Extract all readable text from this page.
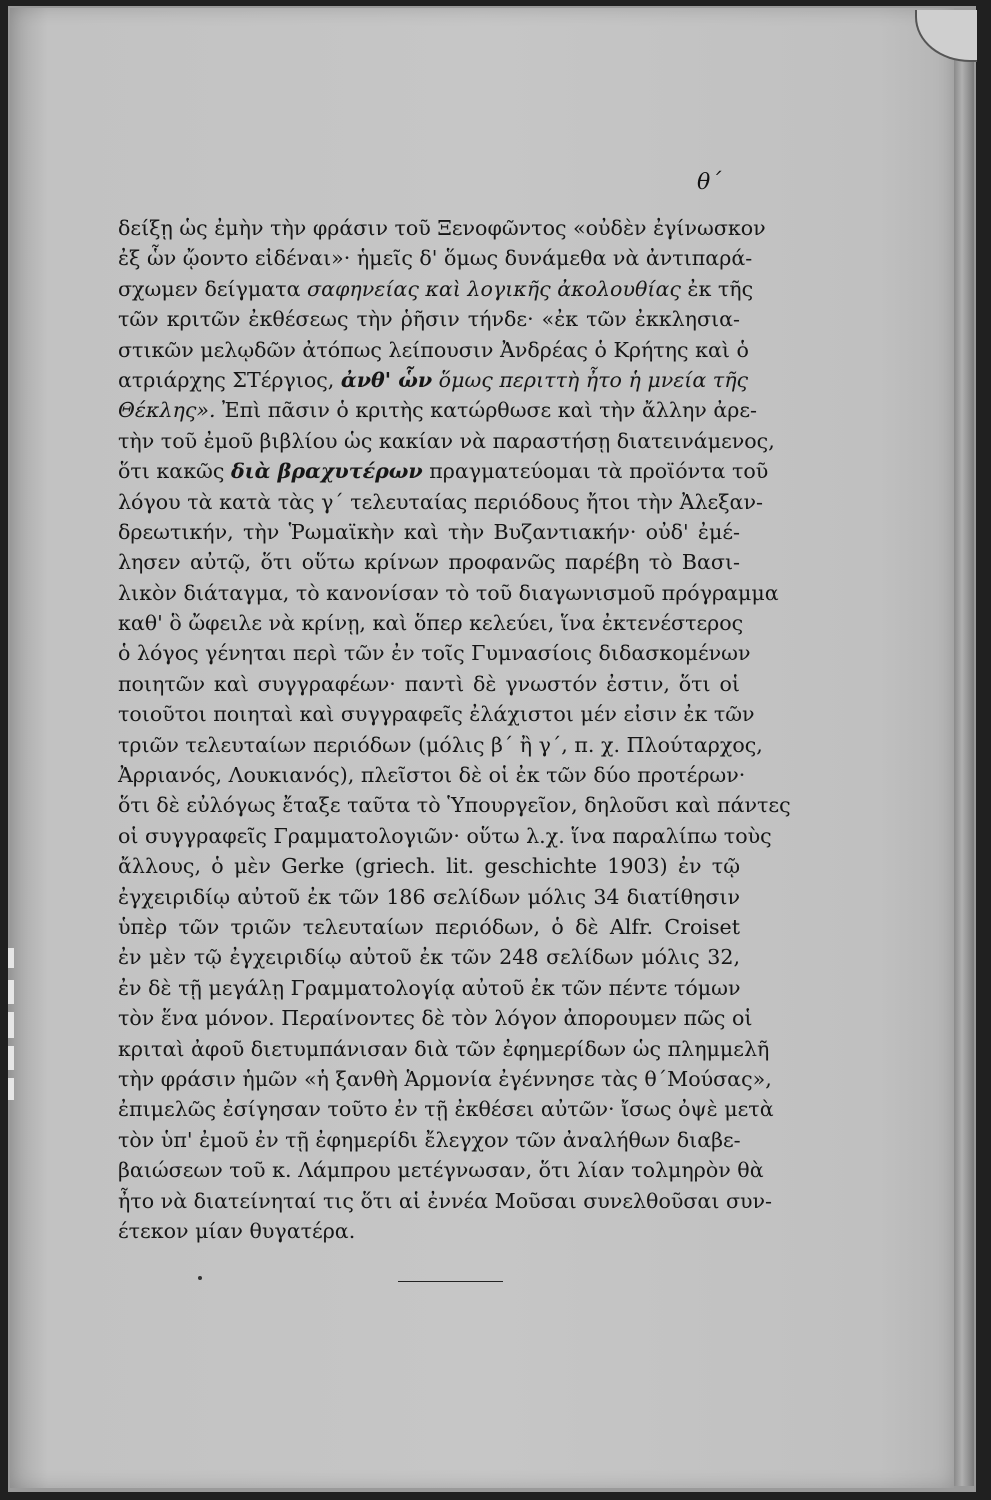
θ΄
δείξῃ ὡς ἐμὴν τὴν φράσιν τοῦ Ξενοφῶντος «οὐδὲν ἐγίνωσκον
ἐξ ὧν ᾤοντο εἰδέναι»· ἡμεῖς δ' ὅμως δυνάμεθα νὰ ἀντιπαρά-
σχωμεν δείγματα σαφηνείας καὶ λογικῆς ἀκολουθίας ἐκ τῆς
τῶν κριτῶν ἐκθέσεως τὴν ῥῆσιν τήνδε· «ἐκ τῶν ἐκκλησια-
στικῶν μελῳδῶν ἀτόπως λείπουσιν Ἀνδρέας ὁ Κρήτης καὶ ὁ
ατριάρχης ΣΤέργιος, ἀνθ' ὧν ὅμως περιττὴ ἦτο ἡ μνεία τῆς
Θέκλης». Ἐπὶ πᾶσιν ὁ κριτὴς κατώρθωσε καὶ τὴν ἄλλην ἀρε-
τὴν τοῦ ἐμοῦ βιβλίου ὡς κακίαν νὰ παραστήσῃ διατεινάμενος,
ὅτι κακῶς διὰ βραχυτέρων πραγματεύομαι τὰ προϊόντα τοῦ
λόγου τὰ κατὰ τὰς γ΄ τελευταίας περιόδους ἤτοι τὴν Ἀλεξαν-
δρεωτικήν, τὴν Ῥωμαϊκὴν καὶ τὴν Βυζαντιακήν· οὐδ' ἐμέ-
λησεν αὐτῷ, ὅτι οὕτω κρίνων προφανῶς παρέβη τὸ Βασι-
λικὸν διάταγμα, τὸ κανονίσαν τὸ τοῦ διαγωνισμοῦ πρόγραμμα
καθ' ὃ ὤφειλε νὰ κρίνῃ, καὶ ὅπερ κελεύει, ἵνα ἐκτενέστερος
ὁ λόγος γένηται περὶ τῶν ἐν τοῖς Γυμνασίοις διδασκομένων
ποιητῶν καὶ συγγραφέων· παντὶ δὲ γνωστόν ἐστιν, ὅτι οἱ
τοιοῦτοι ποιηταὶ καὶ συγγραφεῖς ἐλάχιστοι μέν εἰσιν ἐκ τῶν
τριῶν τελευταίων περιόδων (μόλις β΄ ἢ γ΄, π. χ. Πλούταρχος,
Ἀρριανός, Λουκιανός), πλεῖστοι δὲ οἱ ἐκ τῶν δύο προτέρων·
ὅτι δὲ εὐλόγως ἔταξε ταῦτα τὸ Ὑπουργεῖον, δηλοῦσι καὶ πάντες
οἱ συγγραφεῖς Γραμματολογιῶν· οὕτω λ.χ. ἵνα παραλίπω τοὺς
ἄλλους, ὁ μὲν Gerke (griech. lit. geschichte 1903) ἐν τῷ
ἐγχειριδίῳ αὐτοῦ ἐκ τῶν 186 σελίδων μόλις 34 διατίθησιν
ὑπὲρ τῶν τριῶν τελευταίων περιόδων, ὁ δὲ Alfr. Croiset
ἐν μὲν τῷ ἐγχειριδίῳ αὐτοῦ ἐκ τῶν 248 σελίδων μόλις 32,
ἐν δὲ τῇ μεγάλῃ Γραμματολογίᾳ αὐτοῦ ἐκ τῶν πέντε τόμων
τὸν ἕνα μόνον. Περαίνοντες δὲ τὸν λόγον ἀπορουμεν πῶς οἱ
κριταὶ ἀφοῦ διετυμπάνισαν διὰ τῶν ἐφημερίδων ὡς πλημμελῆ
τὴν φράσιν ἡμῶν «ἡ ξανθὴ Ἁρμονία ἐγέννησε τὰς θ΄Μούσας»,
ἐπιμελῶς ἐσίγησαν τοῦτο ἐν τῇ ἐκθέσει αὐτῶν· ἴσως ὀψὲ μετὰ
τὸν ὑπ' ἐμοῦ ἐν τῇ ἐφημερίδι ἔλεγχον τῶν ἀναλήθων διαβε-
βαιώσεων τοῦ κ. Λάμπρου μετέγνωσαν, ὅτι λίαν τολμηρὸν θὰ
ἦτο νὰ διατείνηταί τις ὅτι αἱ ἐννέα Μοῦσαι συνελθοῦσαι συν-
έτεκον μίαν θυγατέρα.
